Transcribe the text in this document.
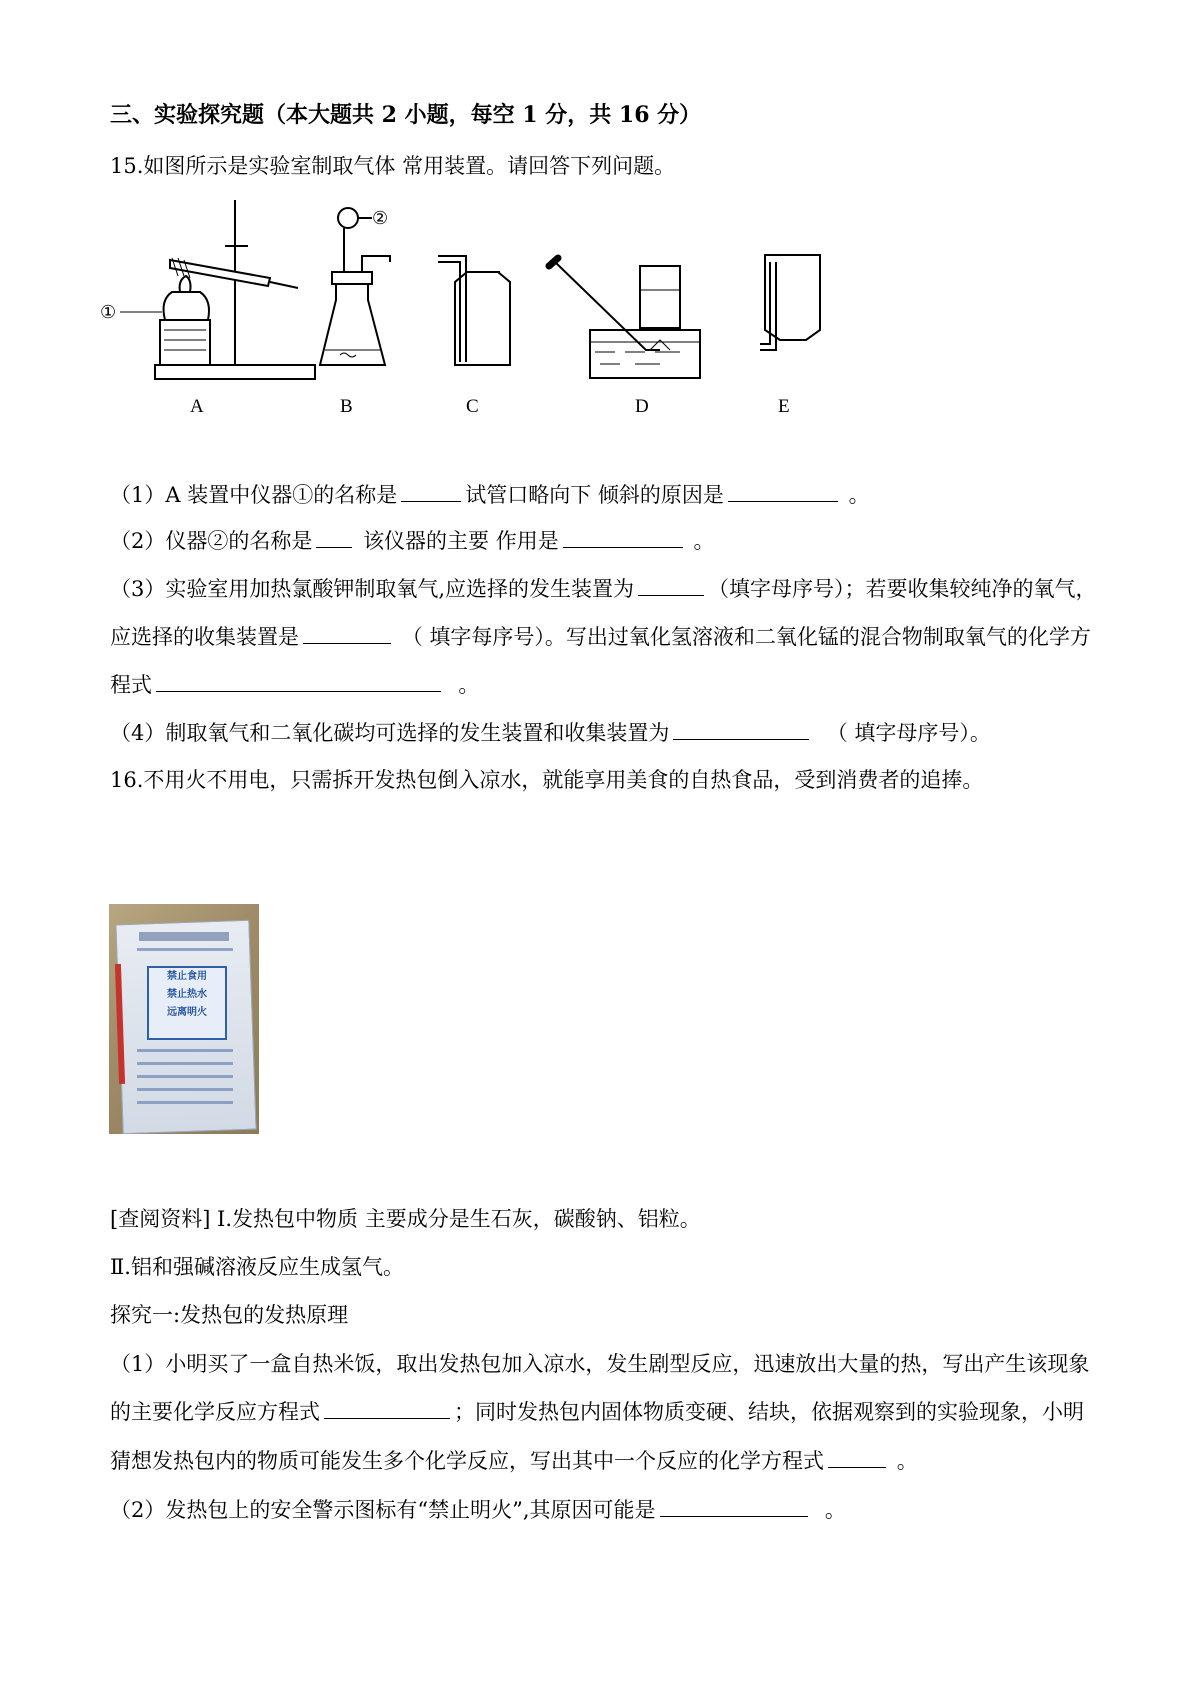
三、实验探究题（本大题共 2 小题，每空 1 分，共 16 分）
15.如图所示是实验室制取气体 常用装置。请回答下列问题。
①
②
A	B	C	D	E
（1）A 装置中仪器①的名称是	试管口略向下 倾斜的原因是	。
（2）仪器②的名称是 该仪器的主要 作用是	。
（3）实验室用加热氯酸钾制取氧气,应选择的发生装置为	（填字母序号）；若要收集较纯净的氧气，
应选择的收集装置是	（ 填字每序号）。写出过氧化氢溶液和二氧化锰的混合物制取氧气的化学方
程式	。
（4）制取氧气和二氧化碳均可选择的发生装置和收集装置为	（ 填字母序号）。
16.不用火不用电，只需拆开发热包倒入凉水，就能享用美食的自热食品，受到消费者的追捧。
禁止食用
禁止热水
远离明火
[查阅资料] I.发热包中物质 主要成分是生石灰，碳酸钠、铝粒。
Ⅱ.铝和强碱溶液反应生成氢气。
探究一:发热包的发热原理
（1）小明买了一盒自热米饭，取出发热包加入凉水，发生剧型反应，迅速放出大量的热，写出产生该现象
的主要化学反应方程式	；同时发热包内固体物质变硬、结块，依据观察到的实验现象，小明
猜想发热包内的物质可能发生多个化学反应，写出其中一个反应的化学方程式	。
（2）发热包上的安全警示图标有“禁止明火”,其原因可能是	。
